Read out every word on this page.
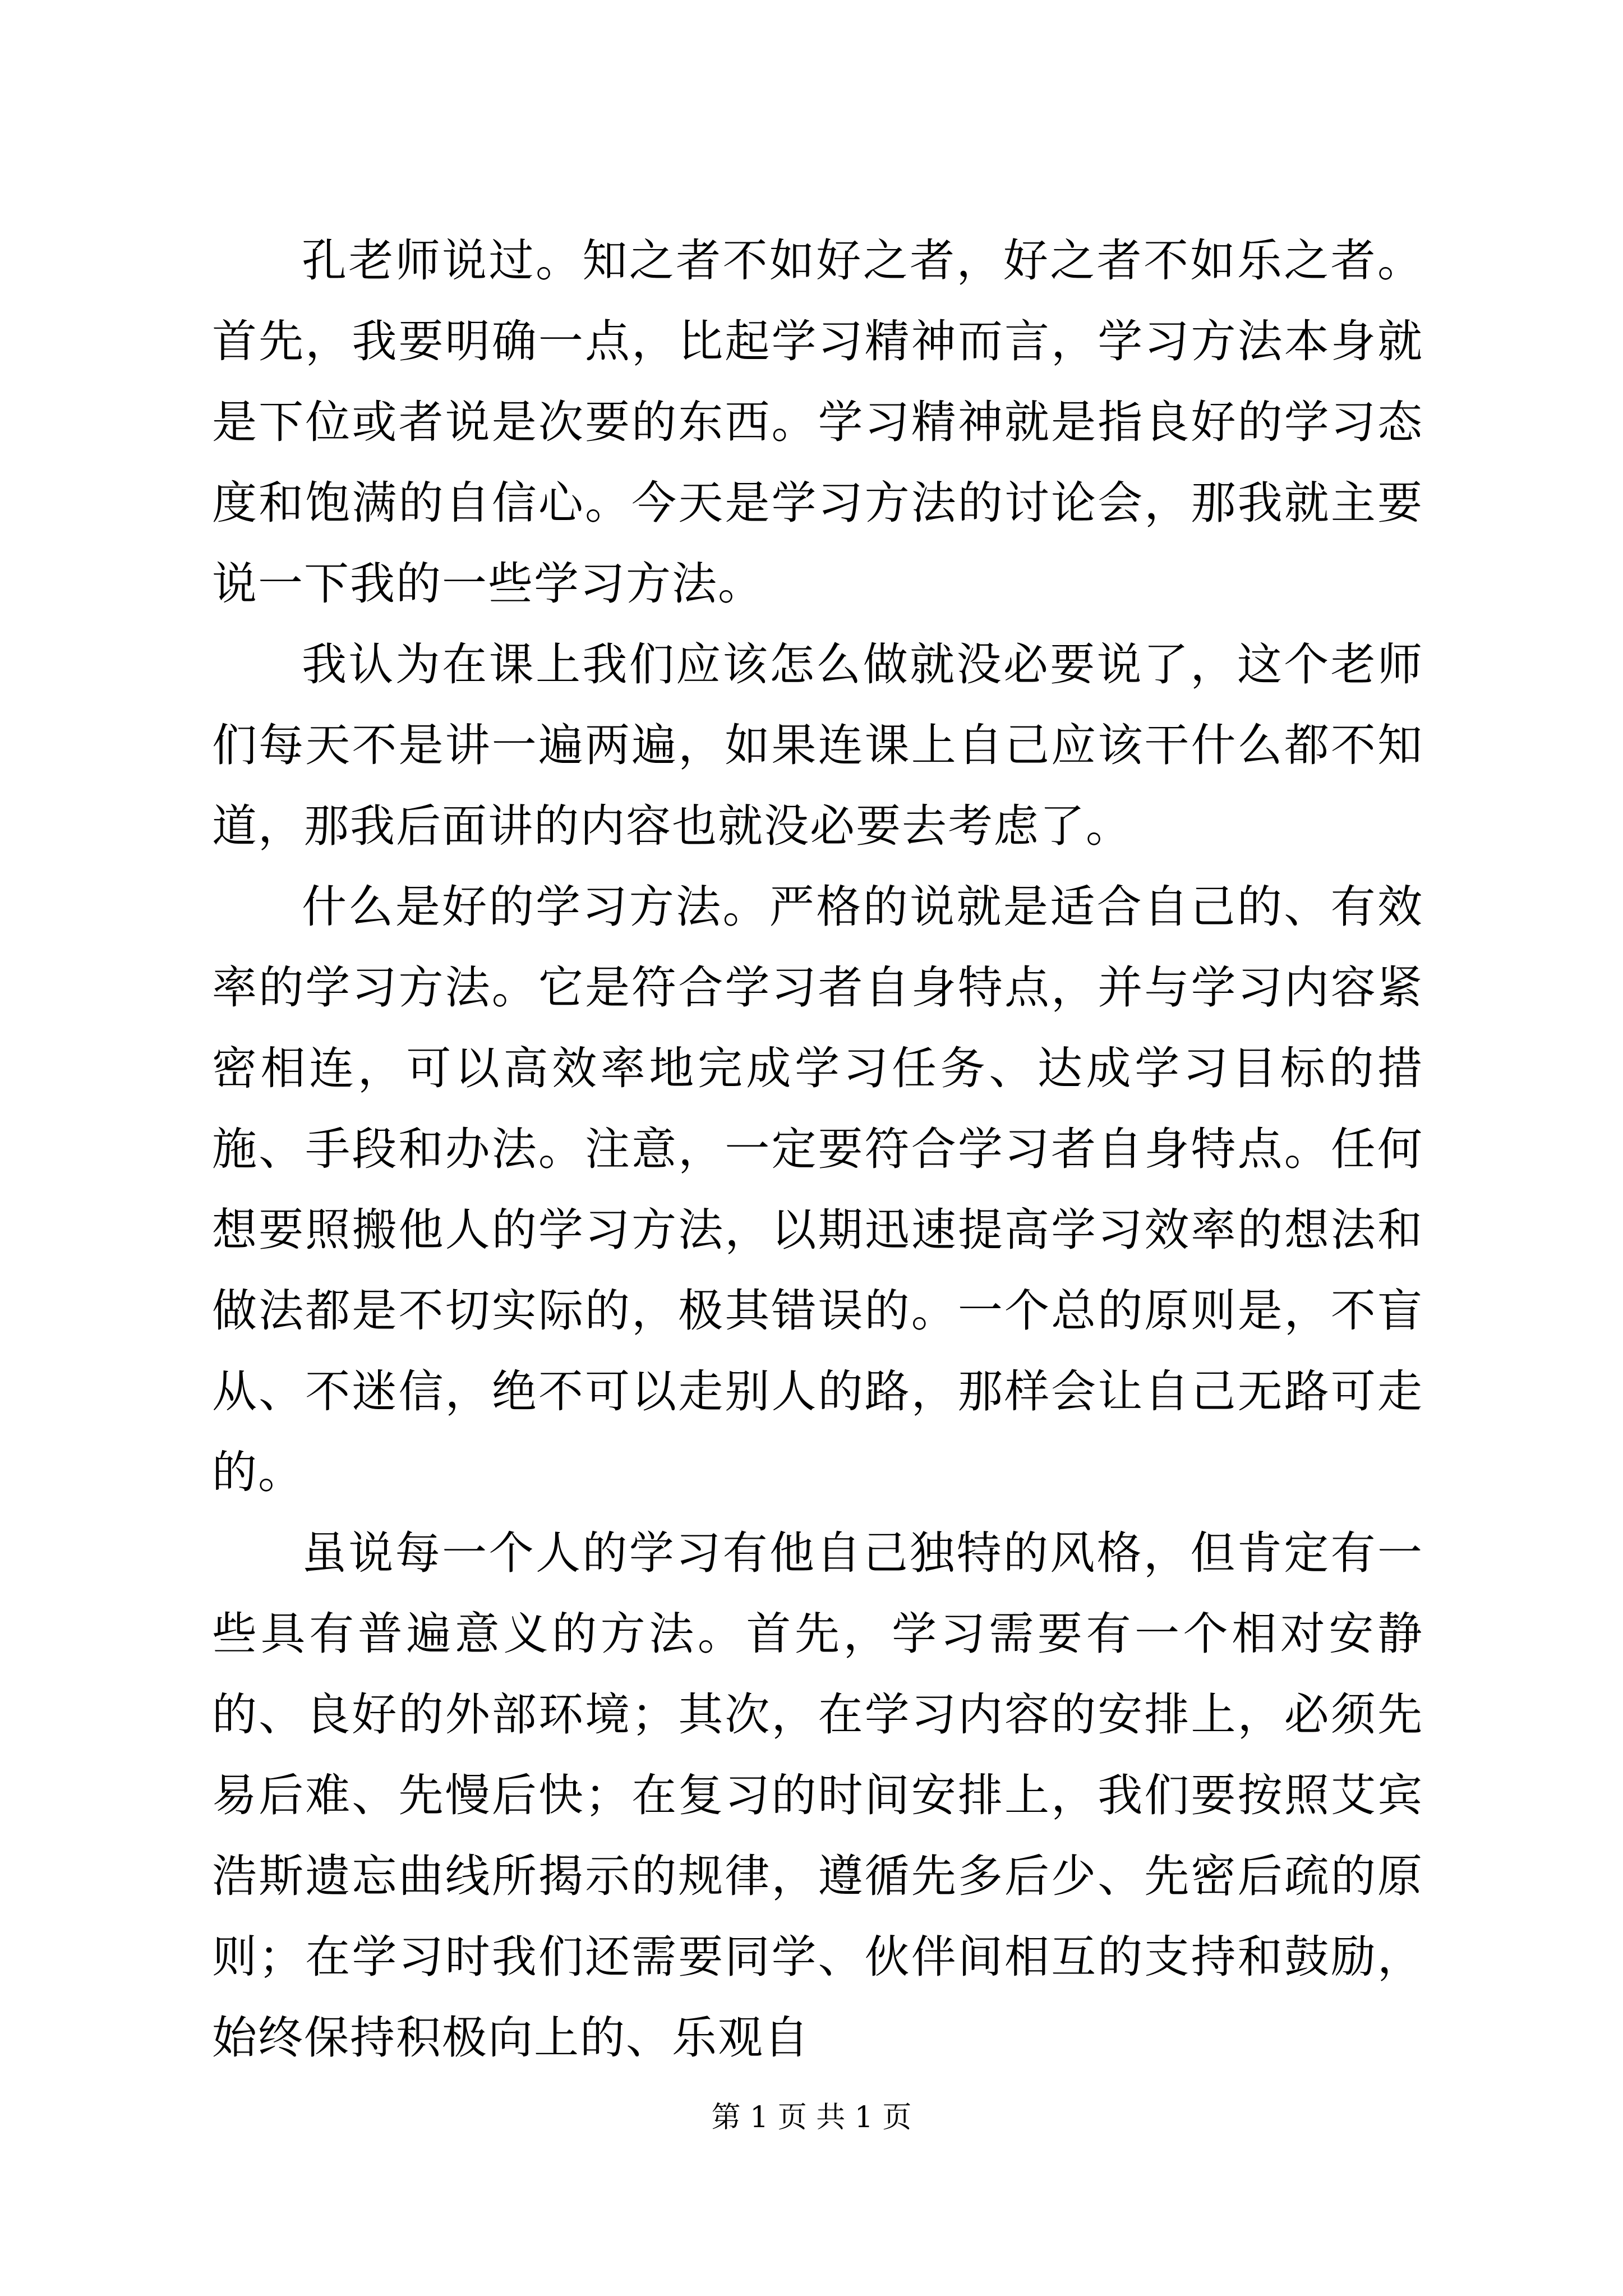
孔老师说过。知之者不如好之者，好之者不如乐之者。首先，我要明确一点，比起学习精神而言，学习方法本身就是下位或者说是次要的东西。学习精神就是指良好的学习态度和饱满的自信心。今天是学习方法的讨论会，那我就主要说一下我的一些学习方法。

我认为在课上我们应该怎么做就没必要说了，这个老师们每天不是讲一遍两遍，如果连课上自己应该干什么都不知道，那我后面讲的内容也就没必要去考虑了。

什么是好的学习方法。严格的说就是适合自己的、有效率的学习方法。它是符合学习者自身特点，并与学习内容紧密相连，可以高效率地完成学习任务、达成学习目标的措施、手段和办法。注意，一定要符合学习者自身特点。任何想要照搬他人的学习方法，以期迅速提高学习效率的想法和做法都是不切实际的，极其错误的。一个总的原则是，不盲从、不迷信，绝不可以走别人的路，那样会让自己无路可走的。

虽说每一个人的学习有他自己独特的风格，但肯定有一些具有普遍意义的方法。首先，学习需要有一个相对安静的、良好的外部环境；其次，在学习内容的安排上，必须先易后难、先慢后快；在复习的时间安排上，我们要按照艾宾浩斯遗忘曲线所揭示的规律，遵循先多后少、先密后疏的原则；在学习时我们还需要同学、伙伴间相互的支持和鼓励，始终保持积极向上的、乐观自

第 1 页 共 1 页
